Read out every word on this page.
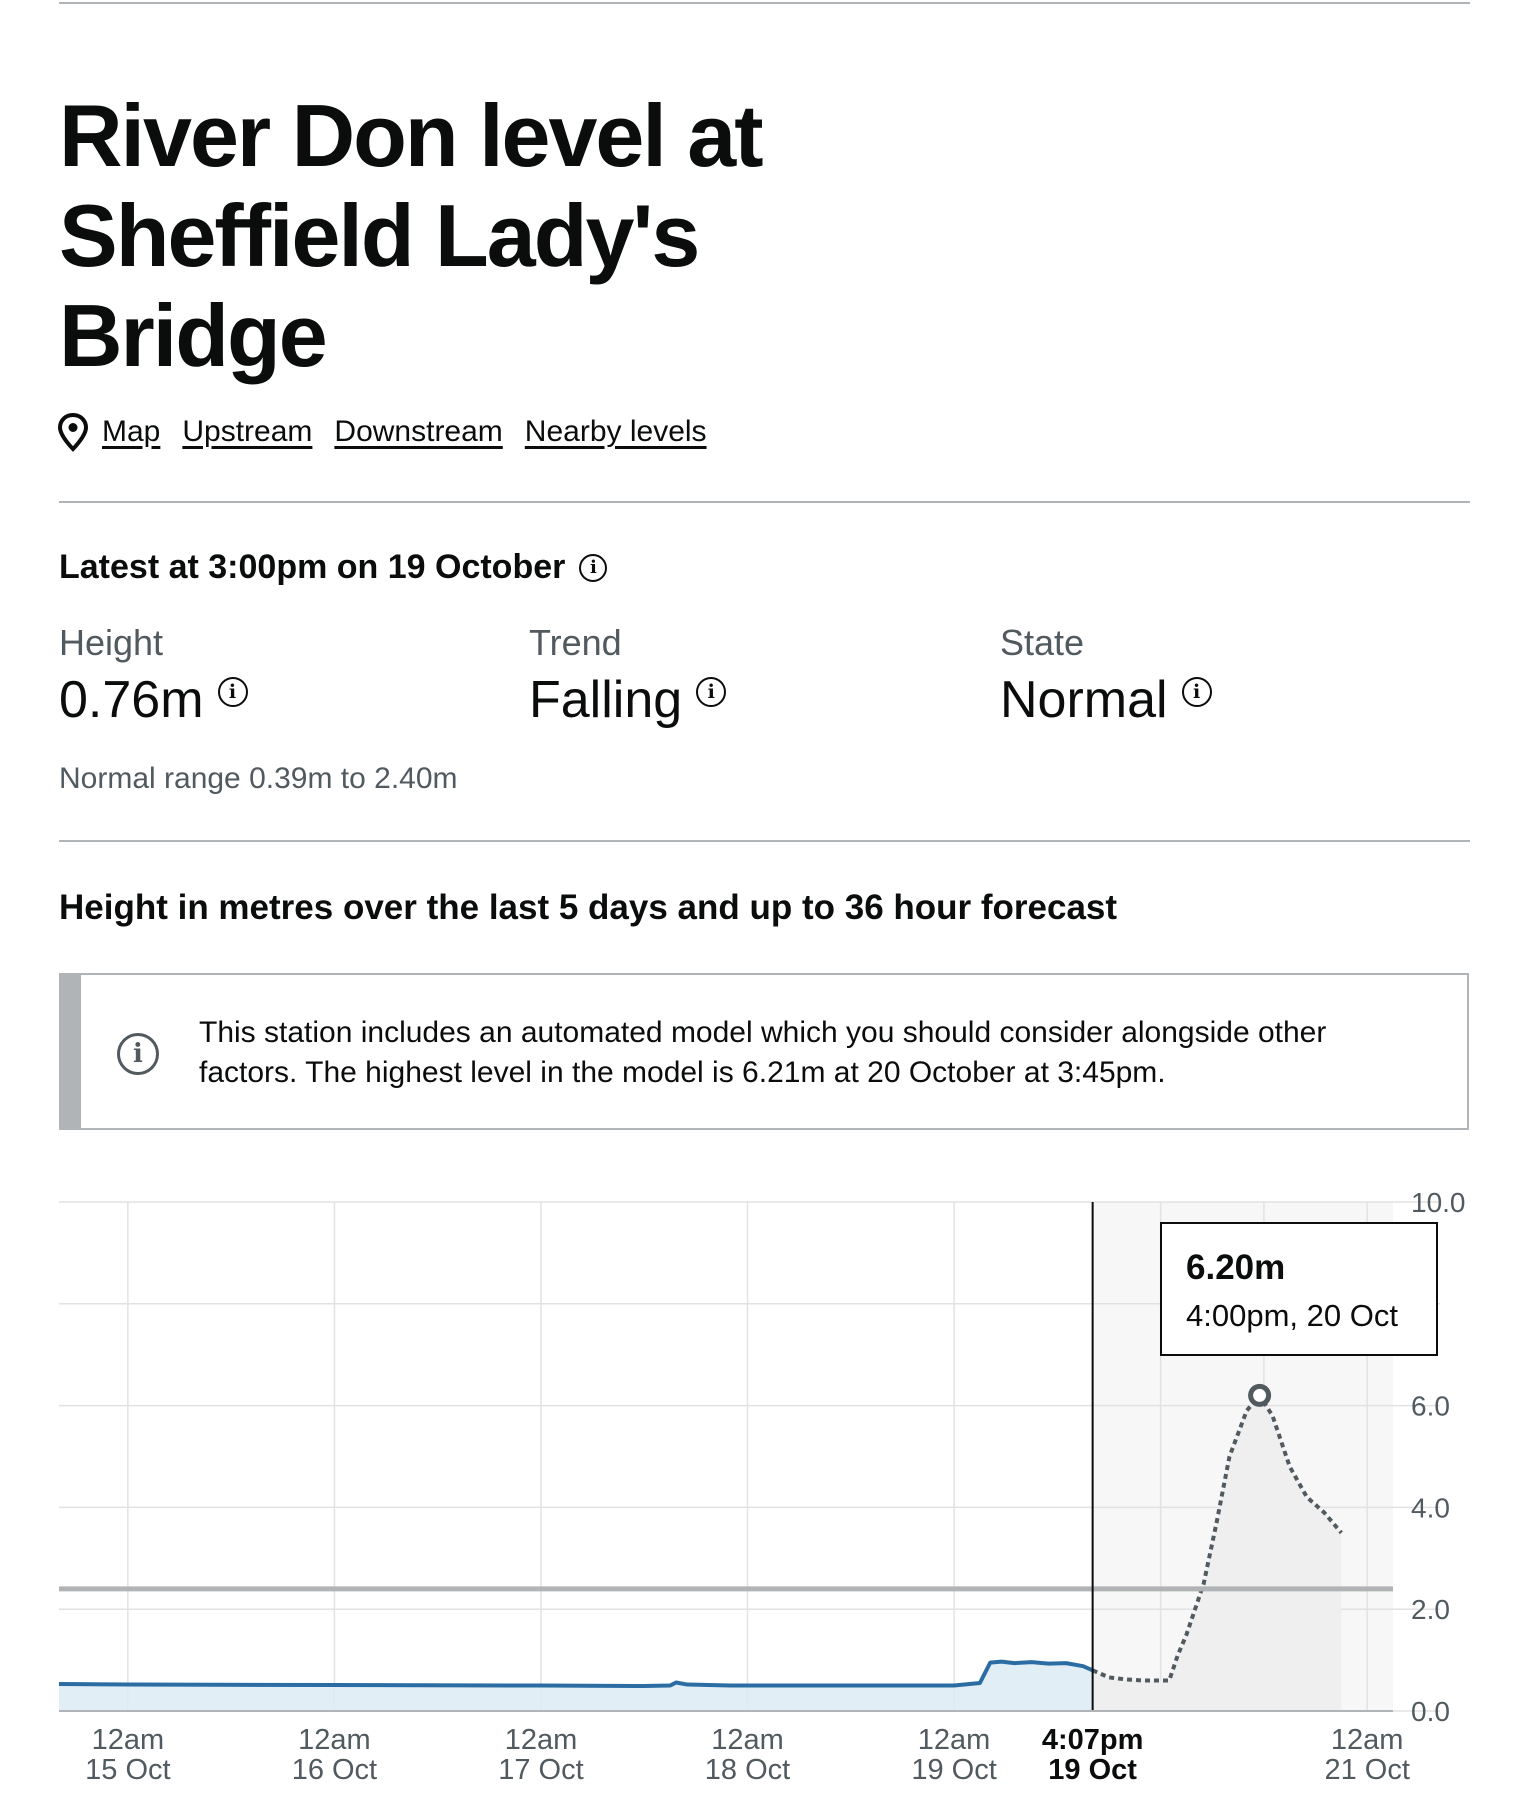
River Don level at Sheffield Lady's Bridge
Map Upstream Downstream Nearby levels
Latest at 3:00pm on 19 October	i
Height
0.76m	i
Trend
Falling	i
State
Normal	i
Normal range 0.39m to 2.40m
Height in metres over the last 5 days and up to 36 hour forecast
i
This station includes an automated model which you should consider alongside other factors. The highest level in the model is 6.21m at 20 October at 3:45pm.
0.0
2.0
4.0
6.0
10.0
12am
15 Oct
12am
16 Oct
12am
17 Oct
12am
18 Oct
12am
19 Oct
4:07pm
19 Oct
12am
21 Oct
6.20m
4:00pm, 20 Oct
